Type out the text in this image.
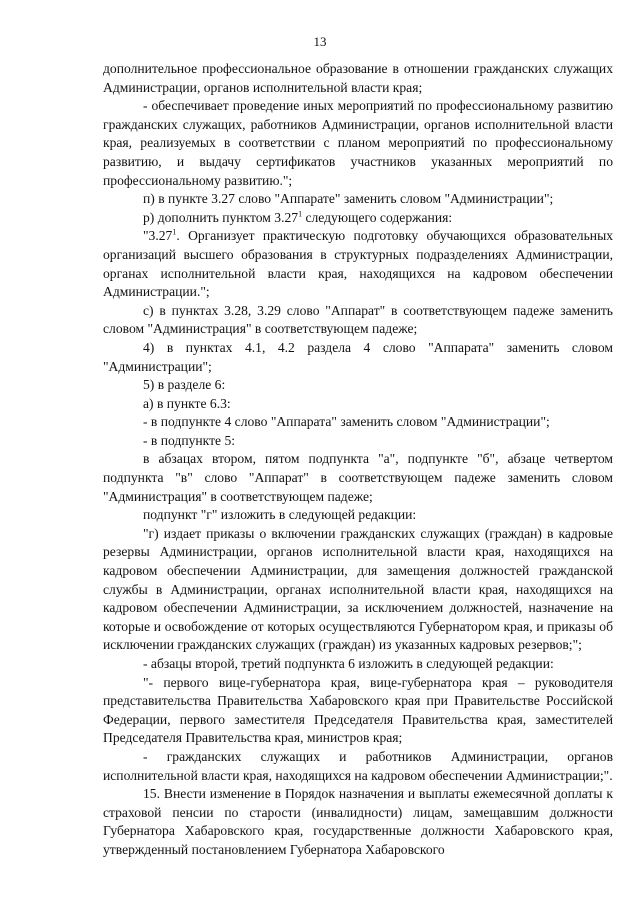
13

дополнительное профессиональное образование в отношении гражданских служащих Администрации, органов исполнительной власти края;

- обеспечивает проведение иных мероприятий по профессиональному развитию гражданских служащих, работников Администрации, органов исполнительной власти края, реализуемых в соответствии с планом мероприятий по профессиональному развитию, и выдачу сертификатов участников указанных мероприятий по профессиональному развитию.";

п) в пункте 3.27 слово "Аппарате" заменить словом "Администрации";

р) дополнить пунктом 3.27$^1$ следующего содержания:

"3.27$^1$. Организует практическую подготовку обучающихся образовательных организаций высшего образования в структурных подразделениях Администрации, органах исполнительной власти края, находящихся на кадровом обеспечении Администрации.";

с) в пунктах 3.28, 3.29 слово "Аппарат" в соответствующем падеже заменить словом "Администрация" в соответствующем падеже;

4) в пунктах 4.1, 4.2 раздела 4 слово "Аппарата" заменить словом "Администрации";

5) в разделе 6:

а) в пункте 6.3:

- в подпункте 4 слово "Аппарата" заменить словом "Администрации";

- в подпункте 5:

в абзацах втором, пятом подпункта "а", подпункте "б", абзаце четвертом подпункта "в" слово "Аппарат" в соответствующем падеже заменить словом "Администрация" в соответствующем падеже;

подпункт "г" изложить в следующей редакции:

"г) издает приказы о включении гражданских служащих (граждан) в кадровые резервы Администрации, органов исполнительной власти края, находящихся на кадровом обеспечении Администрации, для замещения должностей гражданской службы в Администрации, органах исполнительной власти края, находящихся на кадровом обеспечении Администрации, за исключением должностей, назначение на которые и освобождение от которых осуществляются Губернатором края, и приказы об исключении гражданских служащих (граждан) из указанных кадровых резервов;";

- абзацы второй, третий подпункта 6 изложить в следующей редакции:

"- первого вице-губернатора края, вице-губернатора края – руководителя представительства Правительства Хабаровского края при Правительстве Российской Федерации, первого заместителя Председателя Правительства края, заместителей Председателя Правительства края, министров края;

- гражданских служащих и работников Администрации, органов исполнительной власти края, находящихся на кадровом обеспечении Администрации;".

15. Внести изменение в Порядок назначения и выплаты ежемесячной доплаты к страховой пенсии по старости (инвалидности) лицам, замещавшим должности Губернатора Хабаровского края, государственные должности Хабаровского края, утвержденный постановлением Губернатора Хабаровского
